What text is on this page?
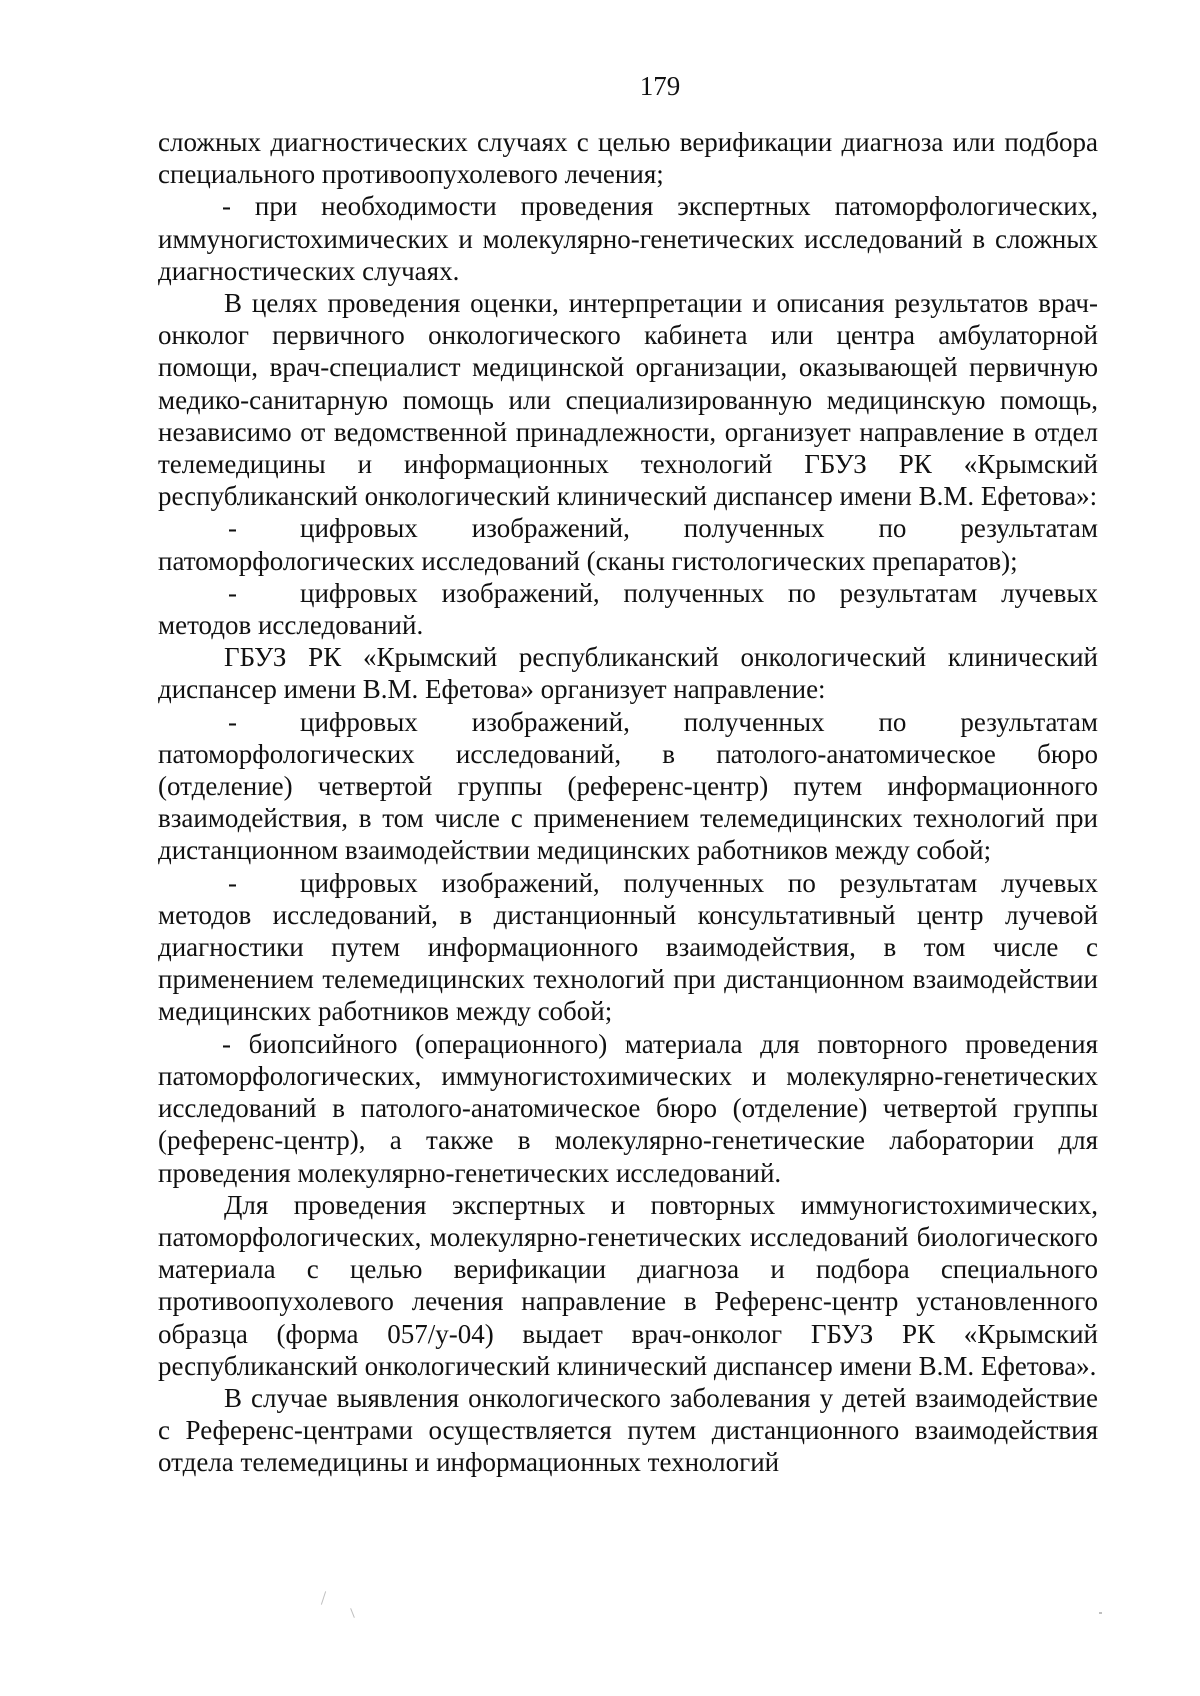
179

сложных диагностических случаях с целью верификации диагноза или подбора специального противоопухолевого лечения;

- при необходимости проведения экспертных патоморфологических, иммуногистохимических и молекулярно-генетических исследований в сложных диагностических случаях.

В целях проведения оценки, интерпретации и описания результатов врач-онколог первичного онкологического кабинета или центра амбулаторной помощи, врач-специалист медицинской организации, оказывающей первичную медико-санитарную помощь или специализированную медицинскую помощь, независимо от ведомственной принадлежности, организует направление в отдел телемедицины и информационных технологий ГБУЗ РК «Крымский республиканский онкологический клинический диспансер имени В.М. Ефетова»:

- цифровых изображений, полученных по результатам патоморфологических исследований (сканы гистологических препаратов);

- цифровых изображений, полученных по результатам лучевых методов исследований.

ГБУЗ РК «Крымский республиканский онкологический клинический диспансер имени В.М. Ефетова» организует направление:

- цифровых изображений, полученных по результатам патоморфологических исследований, в патолого-анатомическое бюро (отделение) четвертой группы (референс-центр) путем информационного взаимодействия, в том числе с применением телемедицинских технологий при дистанционном взаимодействии медицинских работников между собой;

- цифровых изображений, полученных по результатам лучевых методов исследований, в дистанционный консультативный центр лучевой диагностики путем информационного взаимодействия, в том числе с применением телемедицинских технологий при дистанционном взаимодействии медицинских работников между собой;

- биопсийного (операционного) материала для повторного проведения патоморфологических, иммуногистохимических и молекулярно-генетических исследований в патолого-анатомическое бюро (отделение) четвертой группы (референс-центр), а также в молекулярно-генетические лаборатории для проведения молекулярно-генетических исследований.

Для проведения экспертных и повторных иммуногистохимических, патоморфологических, молекулярно-генетических исследований биологического материала с целью верификации диагноза и подбора специального противоопухолевого лечения направление в Референс-центр установленного образца (форма 057/у-04) выдает врач-онколог ГБУЗ РК «Крымский республиканский онкологический клинический диспансер имени В.М. Ефетова».

В случае выявления онкологического заболевания у детей взаимодействие с Референс-центрами осуществляется путем дистанционного взаимодействия отдела телемедицины и информационных технологий
